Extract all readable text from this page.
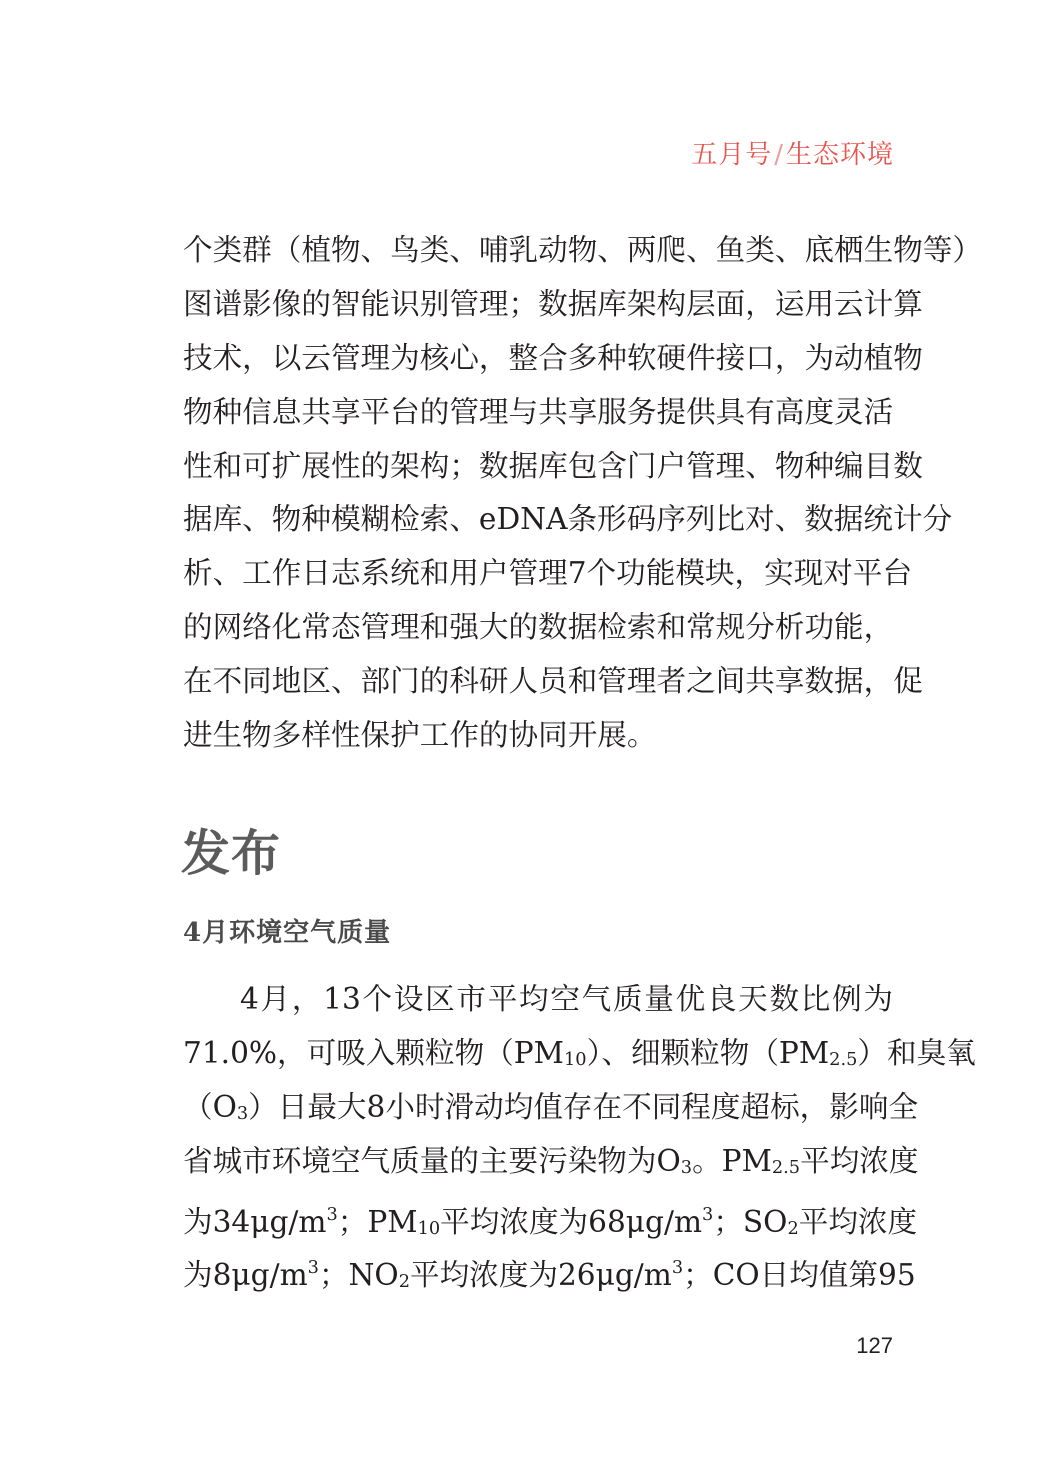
五月号/生态环境
个类群（植物、鸟类、哺乳动物、两爬、鱼类、底栖生物等）
图谱影像的智能识别管理；数据库架构层面，运用云计算
技术，以云管理为核心，整合多种软硬件接口，为动植物
物种信息共享平台的管理与共享服务提供具有高度灵活
性和可扩展性的架构；数据库包含门户管理、物种编目数
据库、物种模糊检索、eDNA条形码序列比对、数据统计分
析、工作日志系统和用户管理7个功能模块，实现对平台
的网络化常态管理和强大的数据检索和常规分析功能，
在不同地区、部门的科研人员和管理者之间共享数据，促
进生物多样性保护工作的协同开展。
发布
4月环境空气质量
4月，13个设区市平均空气质量优良天数比例为
71.0%，可吸入颗粒物$(PM_{10})$、细颗粒物$(PM_{2.5})$和臭氧
$(O_3)$日最大8小时滑动均值存在不同程度超标，影响全
省城市环境空气质量的主要污染物为$O_3$。$PM_{2.5}$平均浓度
为$34\mu g/m^3$；$PM_{10}$平均浓度为$68\mu g/m^3$；$SO_2$平均浓度
为$8\mu g/m^3$；$NO_2$平均浓度为$26\mu g/m^3$；CO日均值第95
127
